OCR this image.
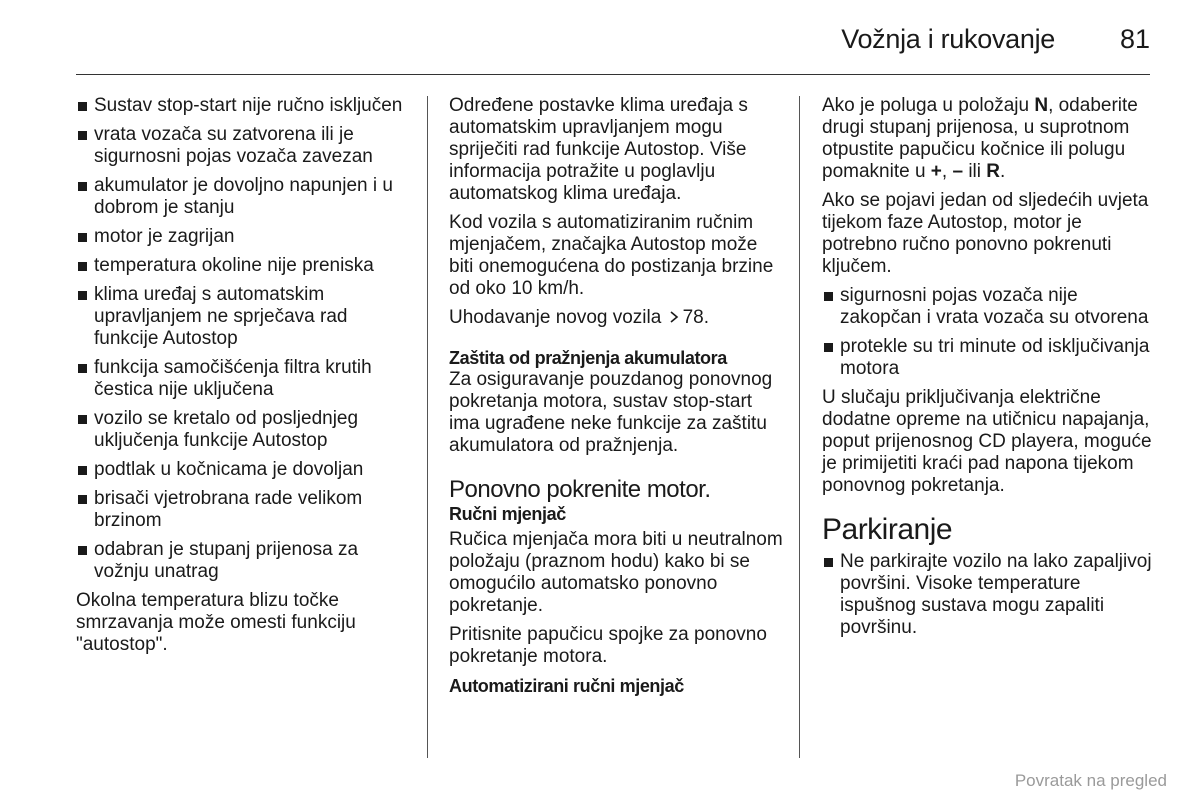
Vožnja i rukovanje 81
Sustav stop-start nije ručno isključen
vrata vozača su zatvorena ili je sigurnosni pojas vozača zavezan
akumulator je dovoljno napunjen i u dobrom je stanju
motor je zagrijan
temperatura okoline nije preniska
klima uređaj s automatskim upravljanjem ne sprječava rad funkcije Autostop
funkcija samočišćenja filtra krutih čestica nije uključena
vozilo se kretalo od posljednjeg uključenja funkcije Autostop
podtlak u kočnicama je dovoljan
brisači vjetrobrana rade velikom brzinom
odabran je stupanj prijenosa za vožnju unatrag

Okolna temperatura blizu točke smrzavanja može omesti funkciju "autostop".

Određene postavke klima uređaja s automatskim upravljanjem mogu spriječiti rad funkcije Autostop. Više informacija potražite u poglavlju automatskog klima uređaja.

Kod vozila s automatiziranim ručnim mjenjačem, značajka Autostop može biti onemogućena do postizanja brzine od oko 10 km/h.

Uhodavanje novog vozila 78.

Zaštita od pražnjenja akumulatora

Za osiguravanje pouzdanog ponovnog pokretanja motora, sustav stop-start ima ugrađene neke funkcije za zaštitu akumulatora od pražnjenja.

Ponovno pokrenite motor.

Ručni mjenjač

Ručica mjenjača mora biti u neutralnom položaju (praznom hodu) kako bi se omogućilo automatsko ponovno pokretanje.

Pritisnite papučicu spojke za ponovno pokretanje motora.

Automatizirani ručni mjenjač

Ako je poluga u položaju N, odaberite drugi stupanj prijenosa, u suprotnom otpustite papučicu kočnice ili polugu pomaknite u +, – ili R.

Ako se pojavi jedan od sljedećih uvjeta tijekom faze Autostop, motor je potrebno ručno ponovno pokrenuti ključem.

sigurnosni pojas vozača nije zakopčan i vrata vozača su otvorena
protekle su tri minute od isključivanja motora

U slučaju priključivanja električne dodatne opreme na utičnicu napajanja, poput prijenosnog CD playera, moguće je primijetiti kraći pad napona tijekom ponovnog pokretanja.

Parkiranje

Ne parkirajte vozilo na lako zapaljivoj površini. Visoke temperature ispušnog sustava mogu zapaliti površinu.
Povratak na pregled
